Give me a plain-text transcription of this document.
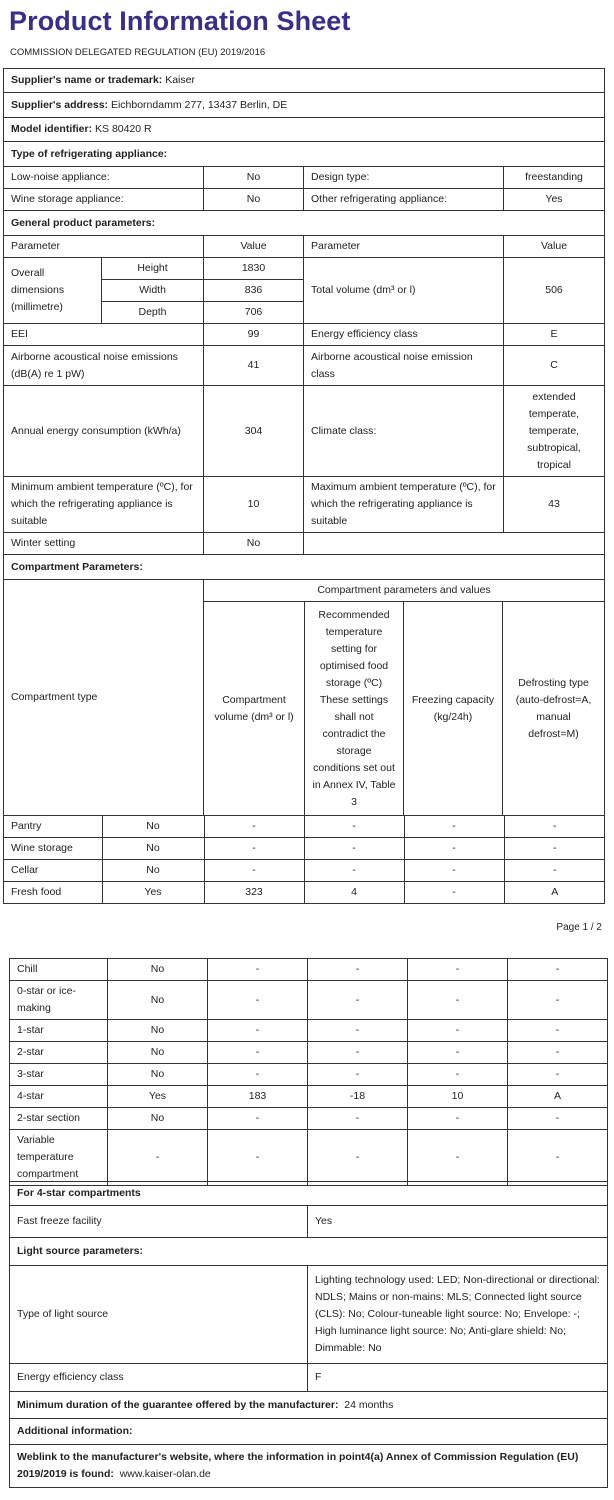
Product Information Sheet
COMMISSION DELEGATED REGULATION (EU) 2019/2016
Supplier's name or trademark: Kaiser
Supplier's address: Eichborndamm 277, 13437 Berlin, DE
Model identifier: KS 80420 R
Type of refrigerating appliance:
Low-noise appliance:	No	Design type:	freestanding
Wine storage appliance:	No	Other refrigerating appliance:	Yes
General product parameters:
Parameter	Value	Parameter	Value
Overall dimensions (millimetre)	Height	1830	Total volume (dm³ or l)	506
Width	836
Depth	706
EEI	99	Energy efficiency class	E
Airborne acoustical noise emissions (dB(A) re 1 pW)	41	Airborne acoustical noise emission class	C
Annual energy consumption (kWh/a)	304	Climate class:	extended temperate, temperate, subtropical, tropical
Minimum ambient temperature (ºC), for which the refrigerating appliance is suitable	10	Maximum ambient temperature (ºC), for which the refrigerating appliance is suitable	43
Winter setting	No	
Compartment Parameters:
Compartment type	Compartment parameters and values

Compartment volume (dm³ or l)	Recommended temperature setting for optimised food storage (ºC) These settings shall not contradict the storage conditions set out in Annex IV, Table 3	Freezing capacity (kg/24h)	Defrosting type (auto-defrost=A, manual defrost=M)

Pantry	No	-	-	-	-
Wine storage	No	-	-	-	-
Cellar	No	-	-	-	-
Fresh food	Yes	323	4	-	A
Page 1 / 2
Chill	No	-	-	-	-
0-star or ice-making	No	-	-	-	-
1-star	No	-	-	-	-
2-star	No	-	-	-	-
3-star	No	-	-	-	-
4-star	Yes	183	-18	10	A
2-star section	No	-	-	-	-
Variable temperature compartment	-	-	-	-	-
For 4-star compartments	
Fast freeze facility	Yes
Light source parameters:	
Type of light source	Lighting technology used: LED; Non-directional or directional: NDLS; Mains or non-mains: MLS; Connected light source (CLS): No; Colour-tuneable light source: No; Envelope: -; High luminance light source: No; Anti-glare shield: No; Dimmable: No
Energy efficiency class	F
Minimum duration of the guarantee offered by the manufacturer: 24 months	
Additional information:	
Weblink to the manufacturer's website, where the information in point4(a) Annex of Commission Regulation (EU) 2019/2019 is found: www.kaiser-olan.de	
